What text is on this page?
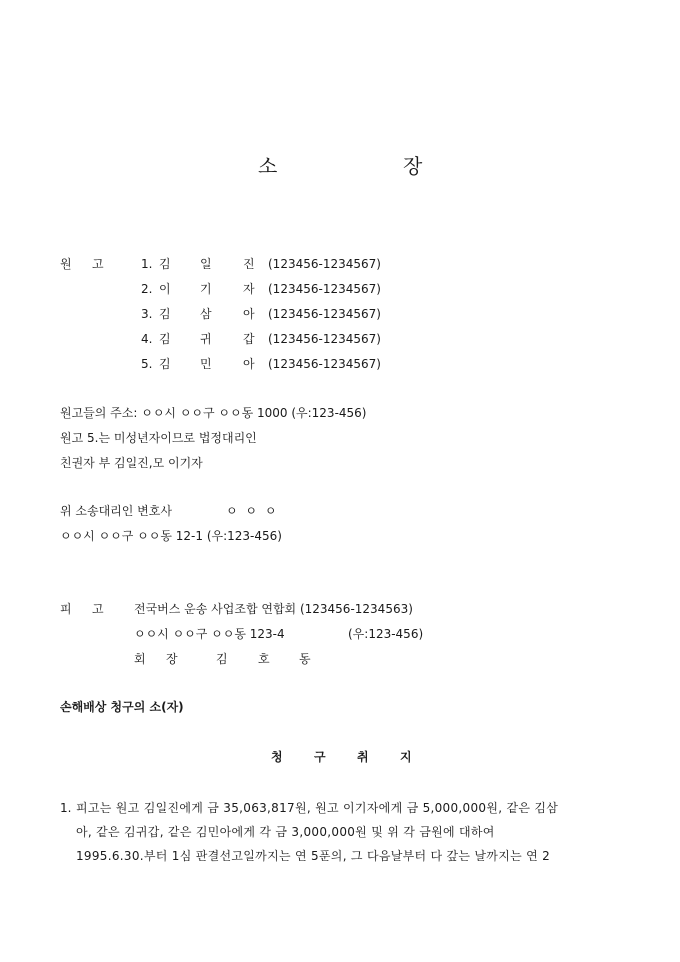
소	장
원 고	1. 김 일	진 (123456-1234567)
2. 이 기	자 (123456-1234567)
3. 김 삼	아 (123456-1234567)
4. 김 귀	갑 (123456-1234567)
5. 김 민	아 (123456-1234567)
원고들의 주소: ㅇㅇ시 ㅇㅇ구 ㅇㅇ동 1000 (우:123-456)
원고 5.는 미성년자이므로 법정대리인
친권자 부 김일진,모 이기자
위 소송대리인 변호사	ㅇ ㅇ ㅇ
ㅇㅇ시 ㅇㅇ구 ㅇㅇ동 12-1 (우:123-456)
피 고	전국버스 운송 사업조합 연합회 (123456-1234563)
ㅇㅇ시 ㅇㅇ구 ㅇㅇ동 123-4	(우:123-456)
회 장	김	호 동
손해배상 청구의 소(자)
청	구	취	지
1. 피고는 원고 김일진에게 금 35,063,817원, 원고 이기자에게 금 5,000,000원, 같은 김삼
아, 같은 김귀갑, 같은 김민아에게 각 금 3,000,000원 및 위 각 금원에 대하여
1995.6.30.부터 1심 판결선고일까지는 연 5푼의, 그 다음날부터 다 갚는 날까지는 연 2
